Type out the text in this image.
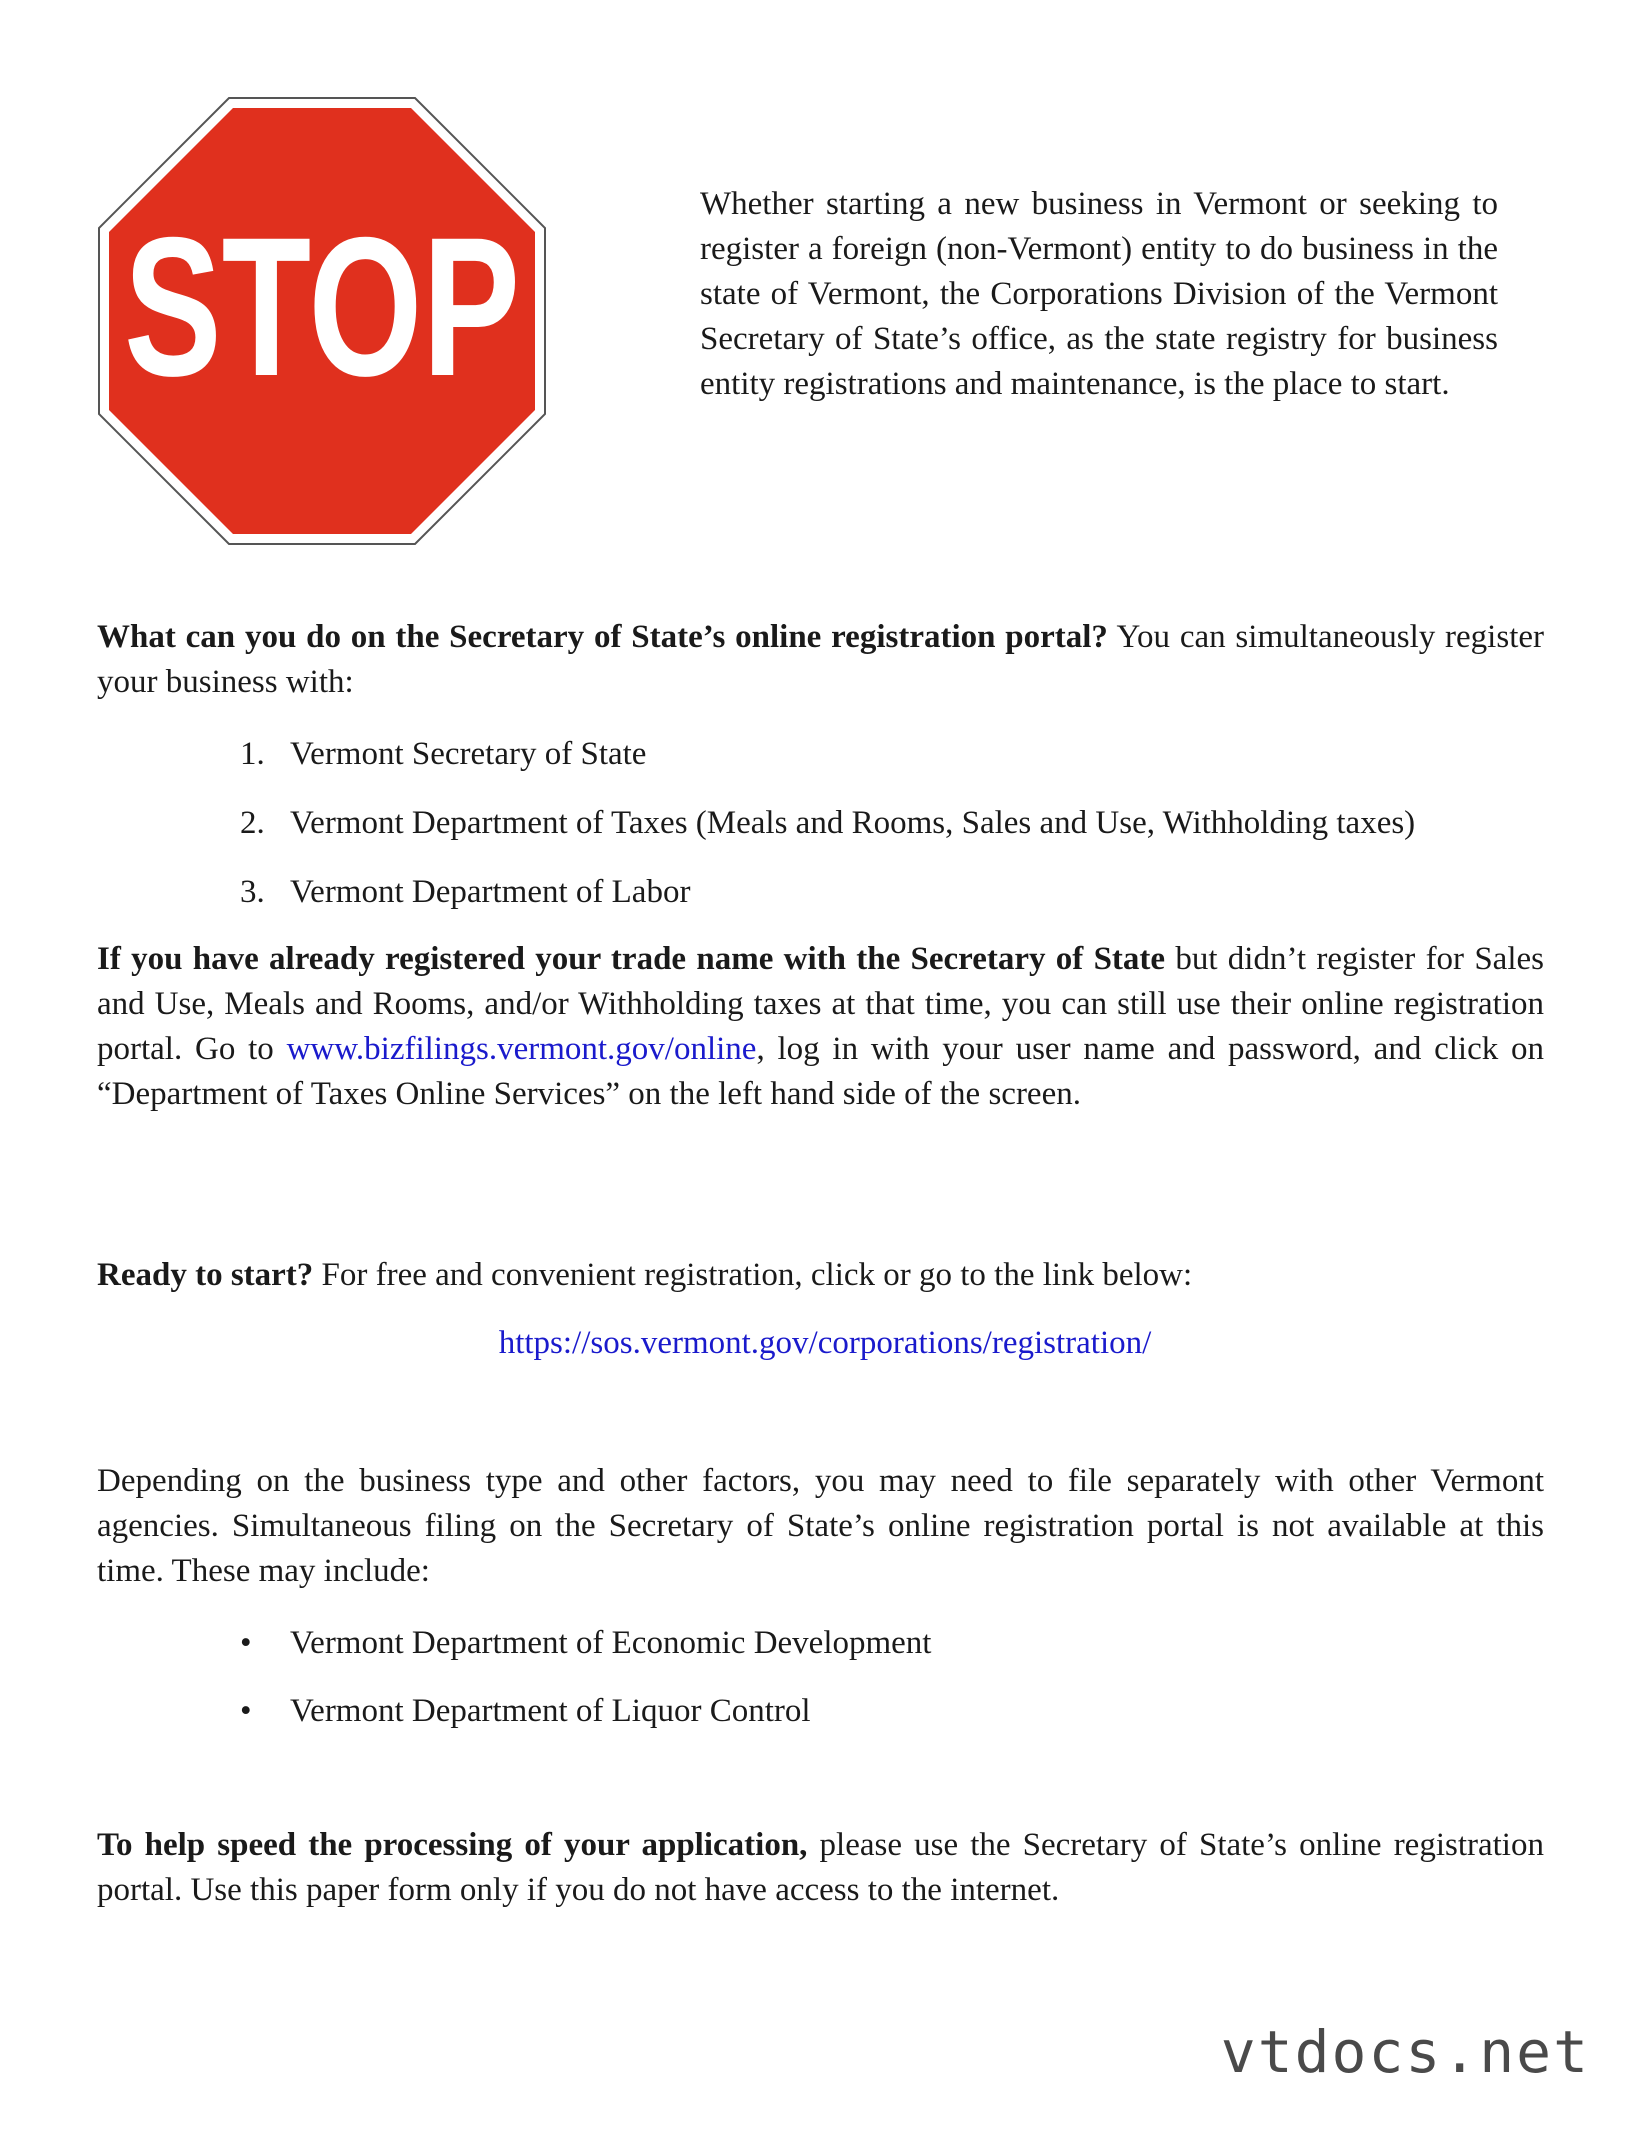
STOP	Whether starting a new business in Vermont or seeking to register a foreign (non-Vermont) entity to do business in the state of Vermont, the Corporations Division of the Vermont Secretary of State’s office, as the state registry for business entity registrations and maintenance, is the place to start.

What can you do on the Secretary of State’s online registration portal? You can simultaneously register your business with:

1. Vermont Secretary of State
2. Vermont Department of Taxes (Meals and Rooms, Sales and Use, Withholding taxes)
3. Vermont Department of Labor

If you have already registered your trade name with the Secretary of State but didn’t register for Sales and Use, Meals and Rooms, and/or Withholding taxes at that time, you can still use their online registration portal. Go to www.bizfilings.vermont.gov/online, log in with your user name and password, and click on “Department of Taxes Online Services” on the left hand side of the screen.

Ready to start? For free and convenient registration, click or go to the link below:

https://sos.vermont.gov/corporations/registration/

Depending on the business type and other factors, you may need to file separately with other Vermont agencies. Simultaneous filing on the Secretary of State’s online registration portal is not available at this time. These may include:

• Vermont Department of Economic Development
• Vermont Department of Liquor Control

To help speed the processing of your application, please use the Secretary of State’s online registration portal. Use this paper form only if you do not have access to the internet.

vtdocs.net
